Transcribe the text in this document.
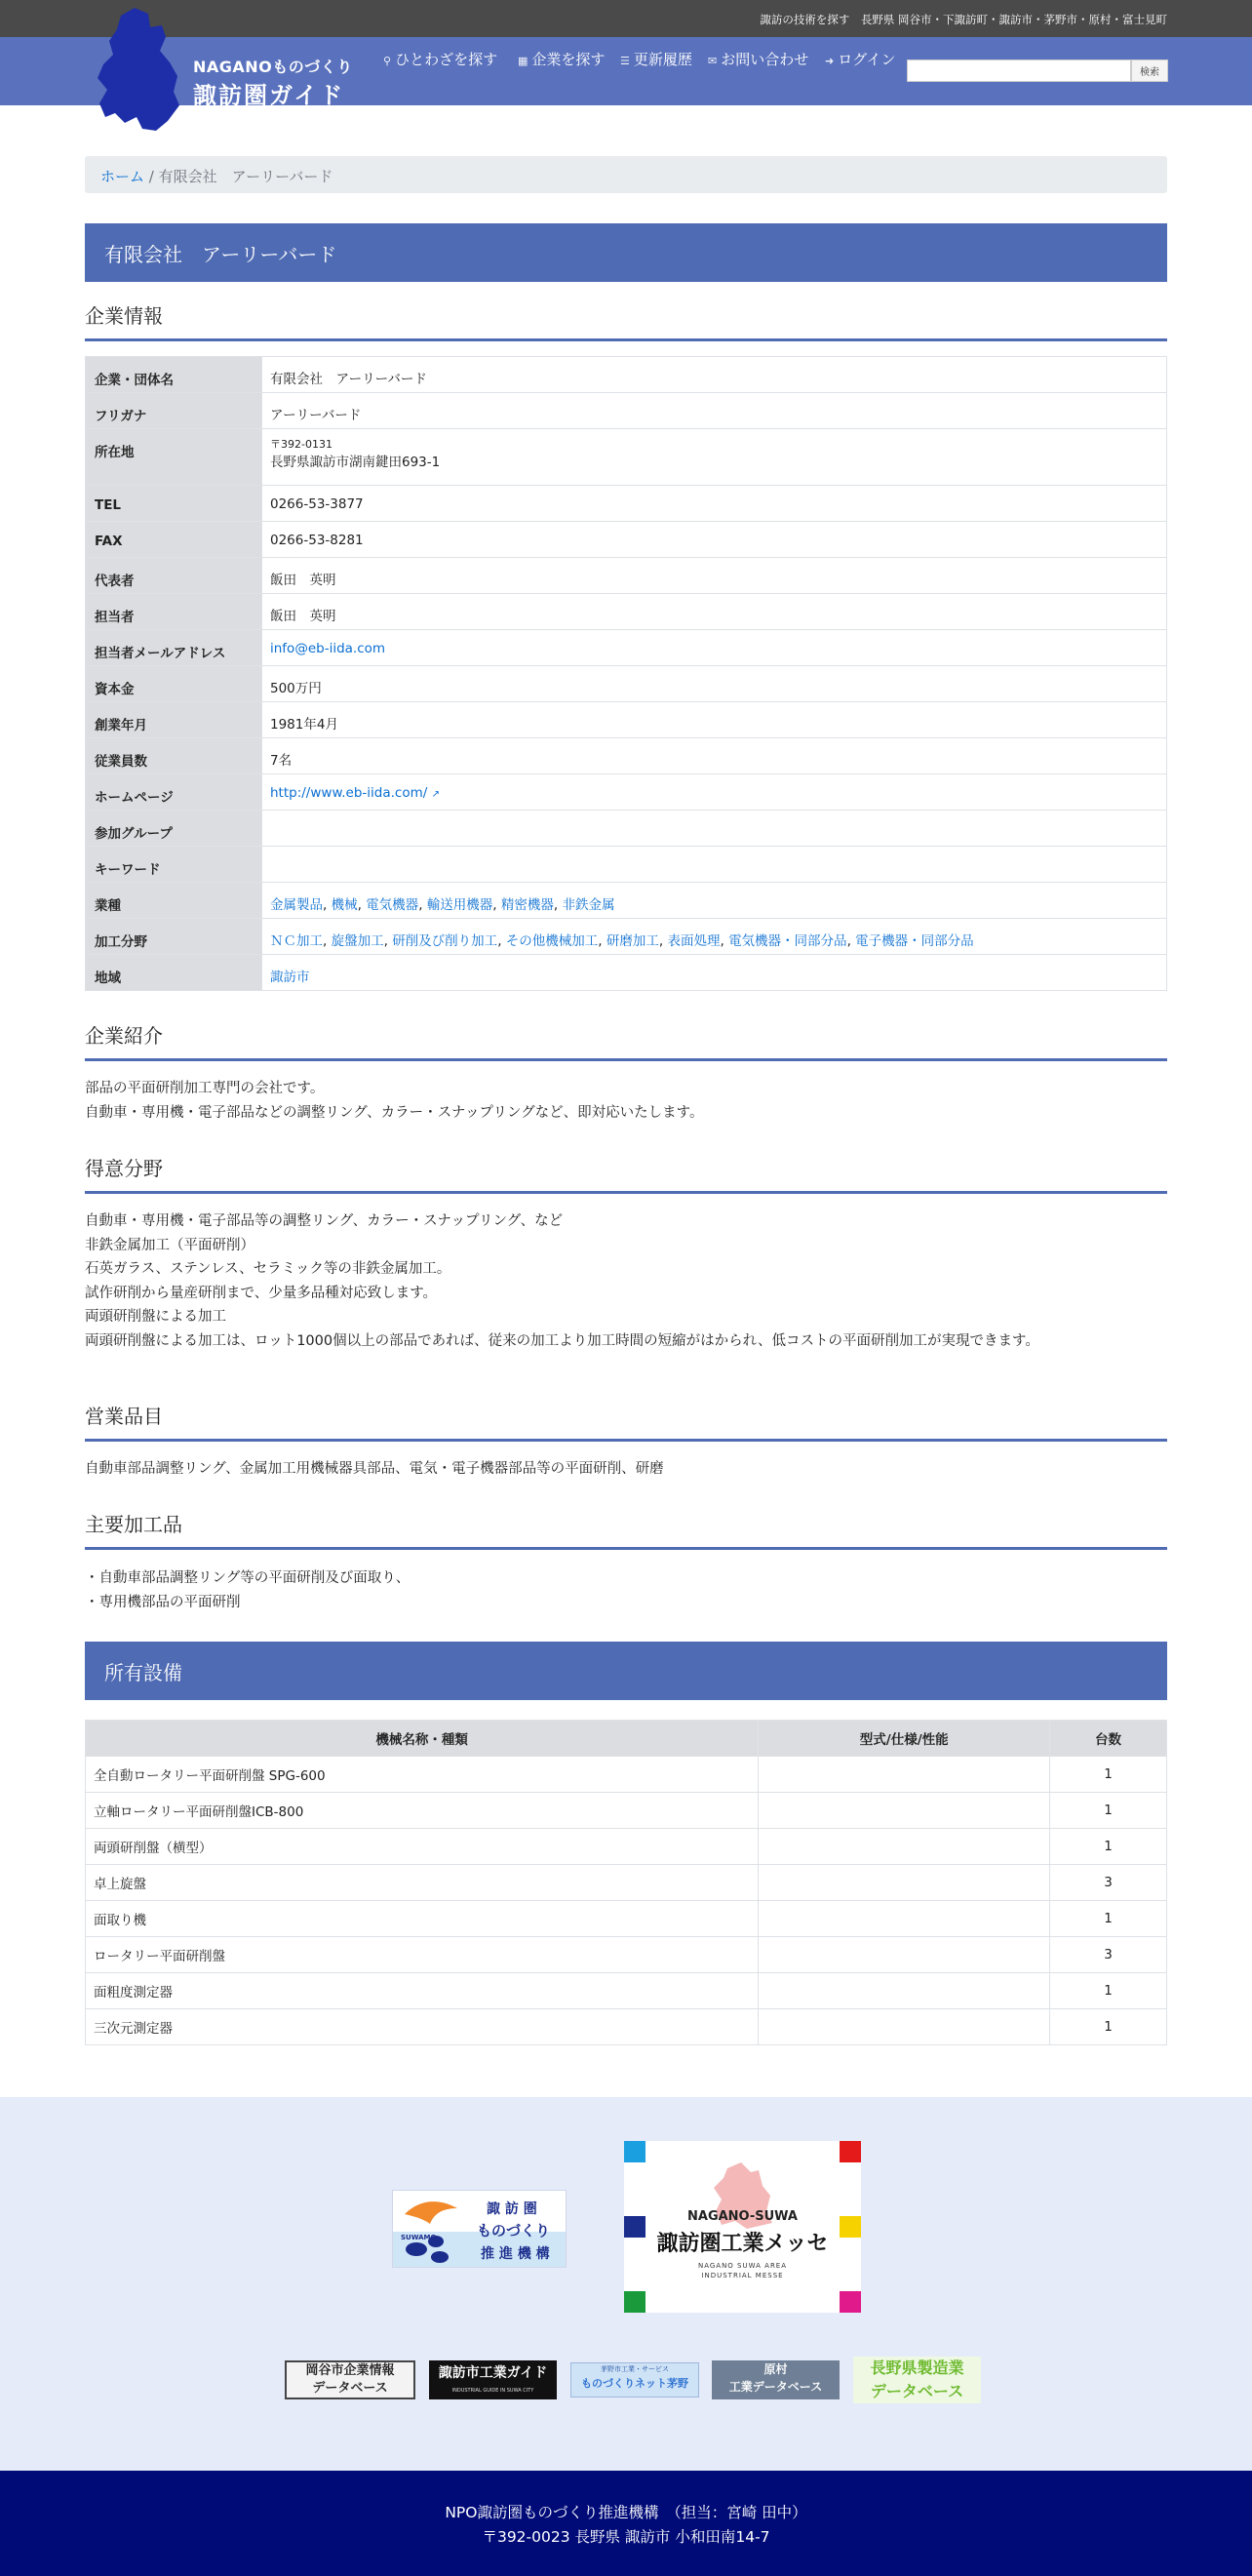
諏訪の技術を探す　長野県 岡谷市・下諏訪町・諏訪市・茅野市・原村・富士見町
NAGANOものづくり
諏訪圏ガイド
⚲ ひとわざを探す	▦ 企業を探す	☰ 更新履歴	✉ お問い合わせ	➜ ログイン
検索
ホーム / 有限会社　アーリーバード
有限会社　アーリーバード
企業情報
企業・団体名	有限会社　アーリーバード
フリガナ	アーリーバード
所在地	〒392-0131
長野県諏訪市湖南鍵田693-1

TEL	0266-53-3877
FAX	0266-53-8281
代表者	飯田　英明
担当者	飯田　英明
担当者メールアドレス	info@eb-iida.com
資本金	500万円
創業年月	1981年4月
従業員数	7名
ホームページ	http://www.eb-iida.com/ ↗
参加グループ	
キーワード	
業種	金属製品, 機械, 電気機器, 輸送用機器, 精密機器, 非鉄金属
加工分野	ＮＣ加工, 旋盤加工, 研削及び削り加工, その他機械加工, 研磨加工, 表面処理, 電気機器・同部分品, 電子機器・同部分品
地域	諏訪市
企業紹介
部品の平面研削加工専門の会社です。
自動車・専用機・電子部品などの調整リング、カラー・スナップリングなど、即対応いたします。
得意分野
自動車・専用機・電子部品等の調整リング、カラー・スナップリング、など
非鉄金属加工（平面研削）
石英ガラス、ステンレス、セラミック等の非鉄金属加工。
試作研削から量産研削まで、少量多品種対応致します。
両頭研削盤による加工
両頭研削盤による加工は、ロット1000個以上の部品であれば、従来の加工より加工時間の短縮がはかられ、低コストの平面研削加工が実現できます。
営業品目
自動車部品調整リング、金属加工用機械器具部品、電気・電子機器部品等の平面研削、研磨
主要加工品
・自動車部品調整リング等の平面研削及び面取り、
・専用機部品の平面研削
所有設備
機械名称・種類	型式/仕様/性能	台数
全自動ロータリー平面研削盤 SPG-600		1
立軸ロータリー平面研削盤ICB-800		1
両頭研削盤（横型）		1
卓上旋盤		3
面取り機		1
ロータリー平面研削盤		3
面粗度測定器		1
三次元測定器		1
SUWAMO
諏 訪 圏
ものづくり
推 進 機 構
NAGANO-SUWA
諏訪圏工業メッセ
NAGANO SUWA AREA
INDUSTRIAL MESSE
岡谷市企業情報
データベース
諏訪市工業ガイド
INDUSTRIAL GUIDE IN SUWA CITY
茅野市工業・サービス
ものづくりネット茅野
原村
工業データベース
長野県製造業
データベース
NPO諏訪圏ものづくり推進機構　（担当：宮崎 田中）
〒392-0023 長野県 諏訪市 小和田南14-7
